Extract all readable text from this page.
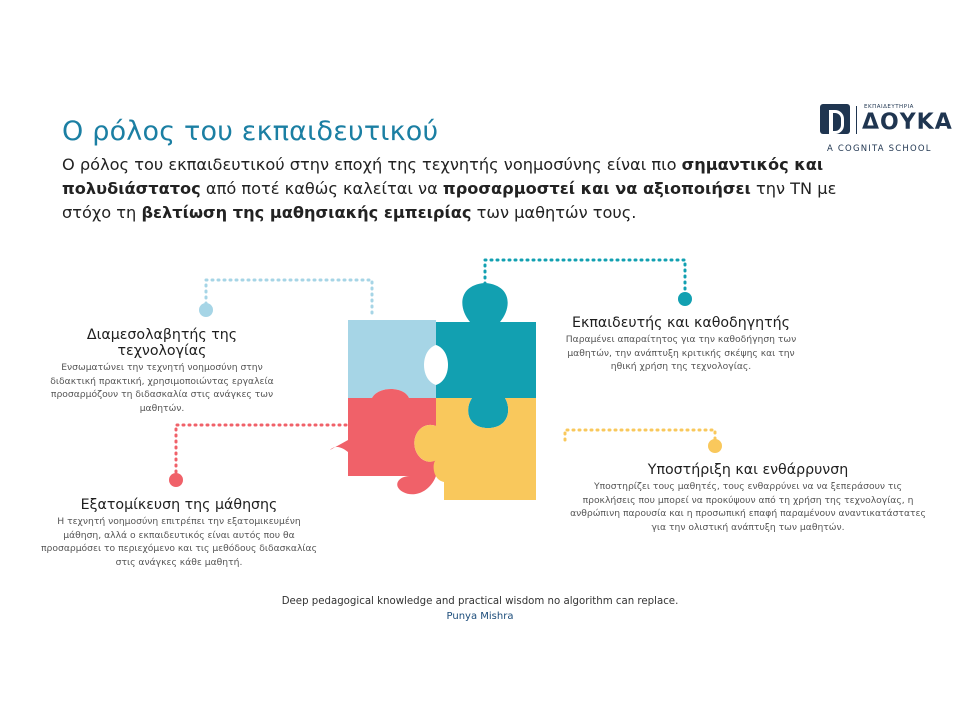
Ο ρόλος του εκπαιδευτικού
Ο ρόλος του εκπαιδευτικού στην εποχή της τεχνητής νοημοσύνης είναι πιο σημαντικός και πολυδιάστατος από ποτέ καθώς καλείται να προσαρμοστεί και να αξιοποιήσει την ΤΝ με στόχο τη βελτίωση της μαθησιακής εμπειρίας των μαθητών τους.
ΕΚΠΑΙΔΕΥΤΗΡΙΑ
ΔΟΥΚΑ
A COGNITA SCHOOL
Διαμεσολαβητής της τεχνολογίας

Ενσωματώνει την τεχνητή νοημοσύνη στην διδακτική πρακτική, χρησιμοποιώντας εργαλεία προσαρμόζουν τη διδασκαλία στις ανάγκες των μαθητών.

Εκπαιδευτής και καθοδηγητής

Παραμένει απαραίτητος για την καθοδήγηση των μαθητών, την ανάπτυξη κριτικής σκέψης και την ηθική χρήση της τεχνολογίας.

Υποστήριξη και ενθάρρυνση

Υποστηρίζει τους μαθητές, τους ενθαρρύνει να να ξεπεράσουν τις προκλήσεις που μπορεί να προκύψουν από τη χρήση της τεχνολογίας, η ανθρώπινη παρουσία και η προσωπική επαφή παραμένουν αναντικατάστατες για την ολιστική ανάπτυξη των μαθητών.

Εξατομίκευση της μάθησης

Η τεχνητή νοημοσύνη επιτρέπει την εξατομικευμένη μάθηση, αλλά ο εκπαιδευτικός είναι αυτός που θα προσαρμόσει το περιεχόμενο και τις μεθόδους διδασκαλίας στις ανάγκες κάθε μαθητή.

Deep pedagogical knowledge and practical wisdom no algorithm can replace.
Punya Mishra
